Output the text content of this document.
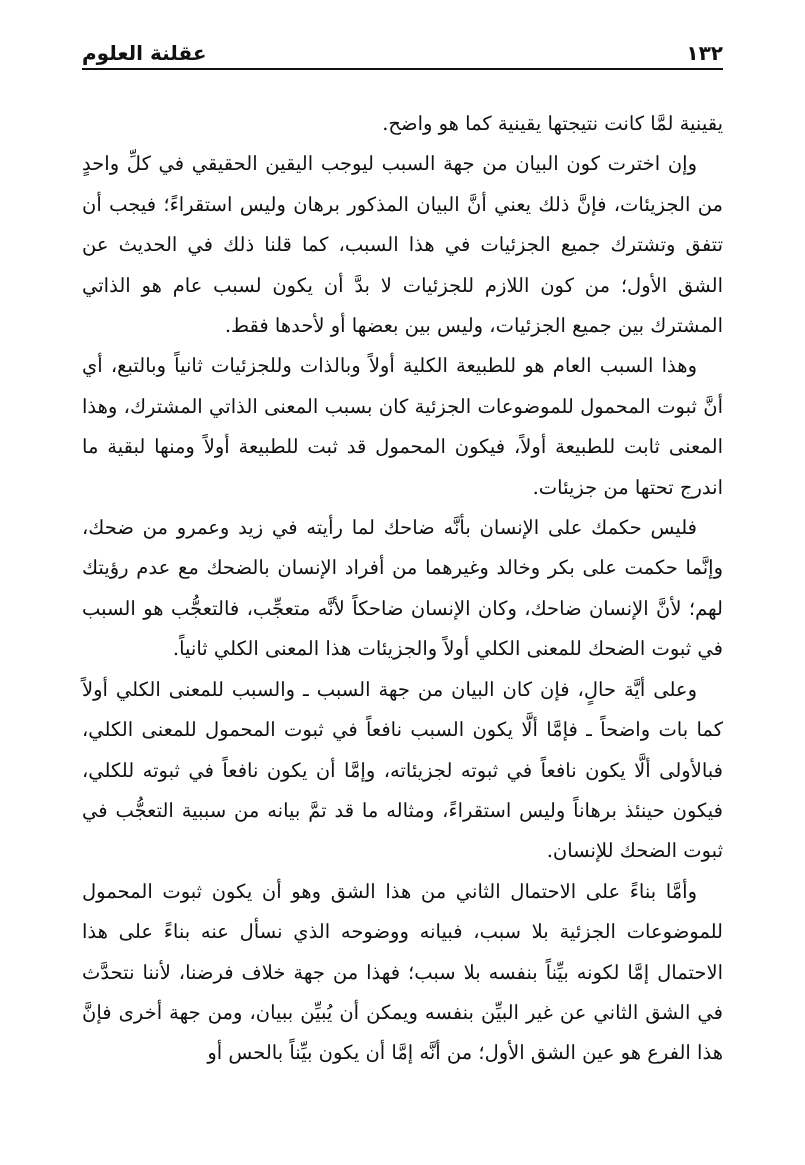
١٣٢
عقلنة العلوم

يقينية لمَّا كانت نتيجتها يقينية كما هو واضح.

وإن اخترت كون البيان من جهة السبب ليوجب اليقين الحقيقي في كلِّ واحدٍ من الجزيئات، فإنَّ ذلك يعني أنَّ البيان المذكور برهان وليس استقراءً؛ فيجب أن تتفق وتشترك جميع الجزئيات في هذا السبب، كما قلنا ذلك في الحديث عن الشق الأول؛ من كون اللازم للجزئيات لا بدَّ أن يكون لسبب عام هو الذاتي المشترك بين جميع الجزئيات، وليس بين بعضها أو لأحدها فقط.

وهذا السبب العام هو للطبيعة الكلية أولاً وبالذات وللجزئيات ثانياً وبالتبع، أي أنَّ ثبوت المحمول للموضوعات الجزئية كان بسبب المعنى الذاتي المشترك، وهذا المعنى ثابت للطبيعة أولاً، فيكون المحمول قد ثبت للطبيعة أولاً ومنها لبقية ما اندرج تحتها من جزيئات.

فليس حكمك على الإنسان بأنَّه ضاحك لما رأيته في زيد وعمرو من ضحك، وإنَّما حكمت على بكر وخالد وغيرهما من أفراد الإنسان بالضحك مع عدم رؤيتك لهم؛ لأنَّ الإنسان ضاحك، وكان الإنسان ضاحكاً لأنَّه متعجِّب، فالتعجُّب هو السبب في ثبوت الضحك للمعنى الكلي أولاً والجزيئات هذا المعنى الكلي ثانياً.

وعلى أيَّة حالٍ، فإن كان البيان من جهة السبب ـ والسبب للمعنى الكلي أولاً كما بات واضحاً ـ فإمَّا ألَّا يكون السبب نافعاً في ثبوت المحمول للمعنى الكلي، فبالأولى ألَّا يكون نافعاً في ثبوته لجزيئاته، وإمَّا أن يكون نافعاً في ثبوته للكلي، فيكون حينئذ برهاناً وليس استقراءً، ومثاله ما قد تمَّ بيانه من سببية التعجُّب في ثبوت الضحك للإنسان.

وأمَّا بناءً على الاحتمال الثاني من هذا الشق وهو أن يكون ثبوت المحمول للموضوعات الجزئية بلا سبب، فبيانه ووضوحه الذي نسأل عنه بناءً على هذا الاحتمال إمَّا لكونه بيِّناً بنفسه بلا سبب؛ فهذا من جهة خلاف فرضنا، لأننا نتحدَّث في الشق الثاني عن غير البيِّن بنفسه ويمكن أن يُبيِّن ببيان، ومن جهة أخرى فإنَّ هذا الفرع هو عين الشق الأول؛ من أنَّه إمَّا أن يكون بيِّناً بالحس أو
